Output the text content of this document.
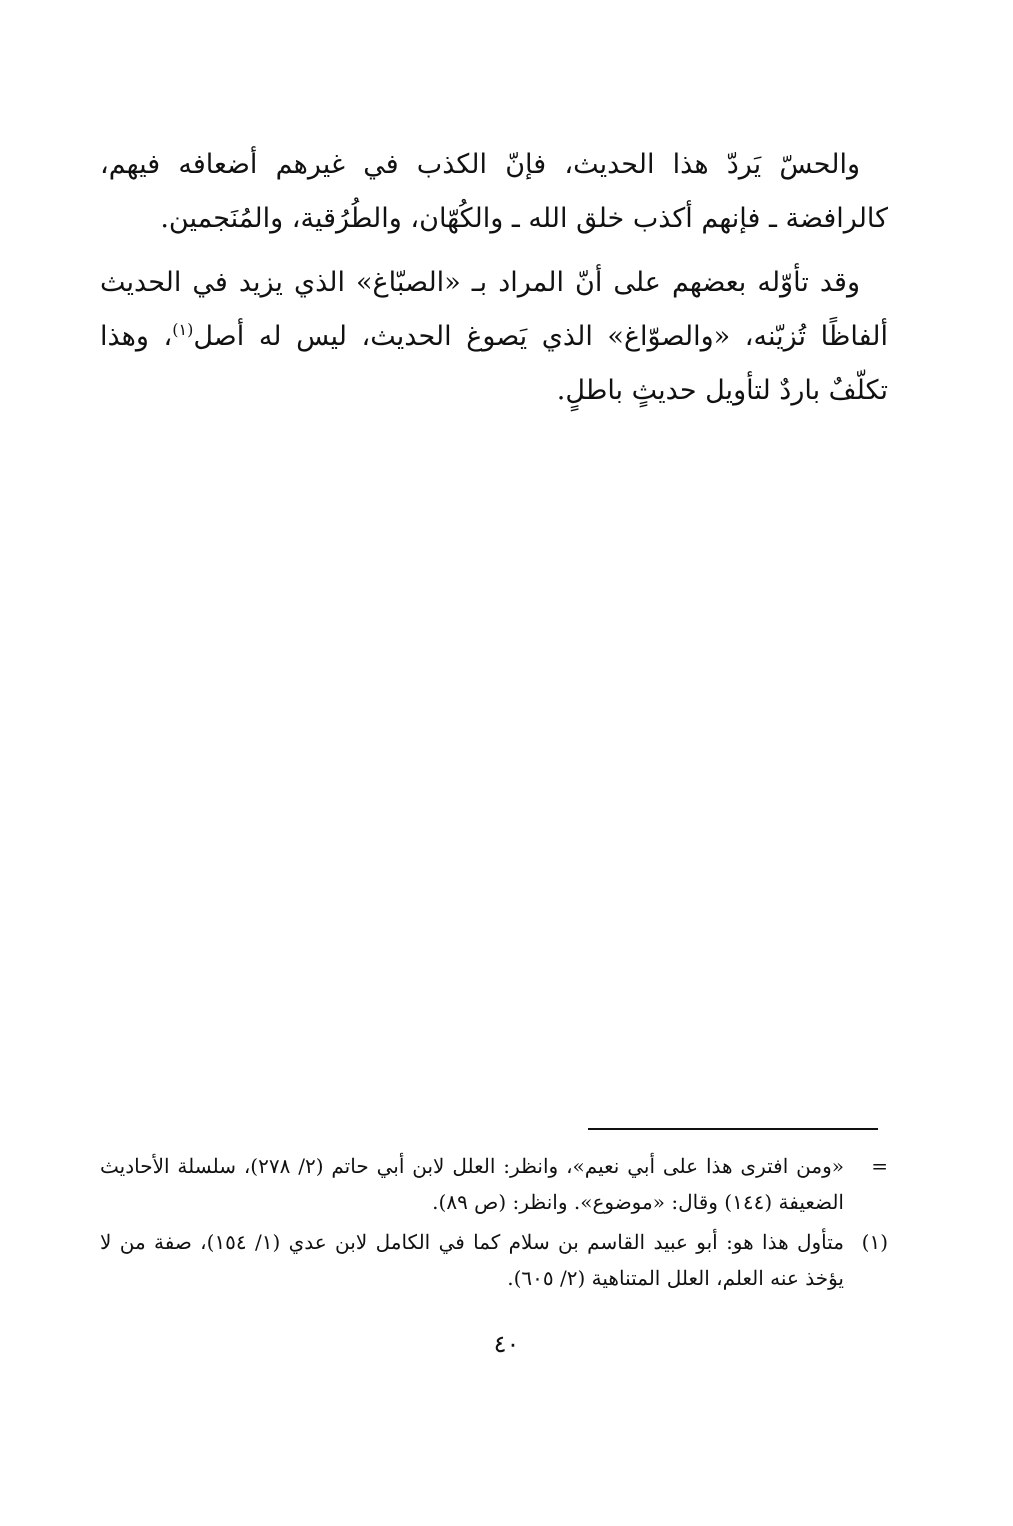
والحسّ يَردّ هذا الحديث، فإنّ الكذب في غيرهم أضعافه فيهم، كالرافضة ـ فإنهم أكذب خلق الله ـ والكُهّان، والطُرُقية، والمُنَجمين.

وقد تأوّله بعضهم على أنّ المراد بـ «الصبّاغ» الذي يزيد في الحديث ألفاظًا تُزيّنه، «والصوّاغ» الذي يَصوغ الحديث، ليس له أصل$^{(١)}$، وهذا تكلّفٌ باردٌ لتأويل حديثٍ باطلٍ.

=
«ومن افترى هذا على أبي نعيم»، وانظر: العلل لابن أبي حاتم (٢/ ٢٧٨)، سلسلة الأحاديث الضعيفة (١٤٤) وقال: «موضوع». وانظر: (ص ٨٩).
(١)
متأول هذا هو: أبو عبيد القاسم بن سلام كما في الكامل لابن عدي (١/ ١٥٤)، صفة من لا يؤخذ عنه العلم، العلل المتناهية (٢/ ٦٠٥).
٤٠
